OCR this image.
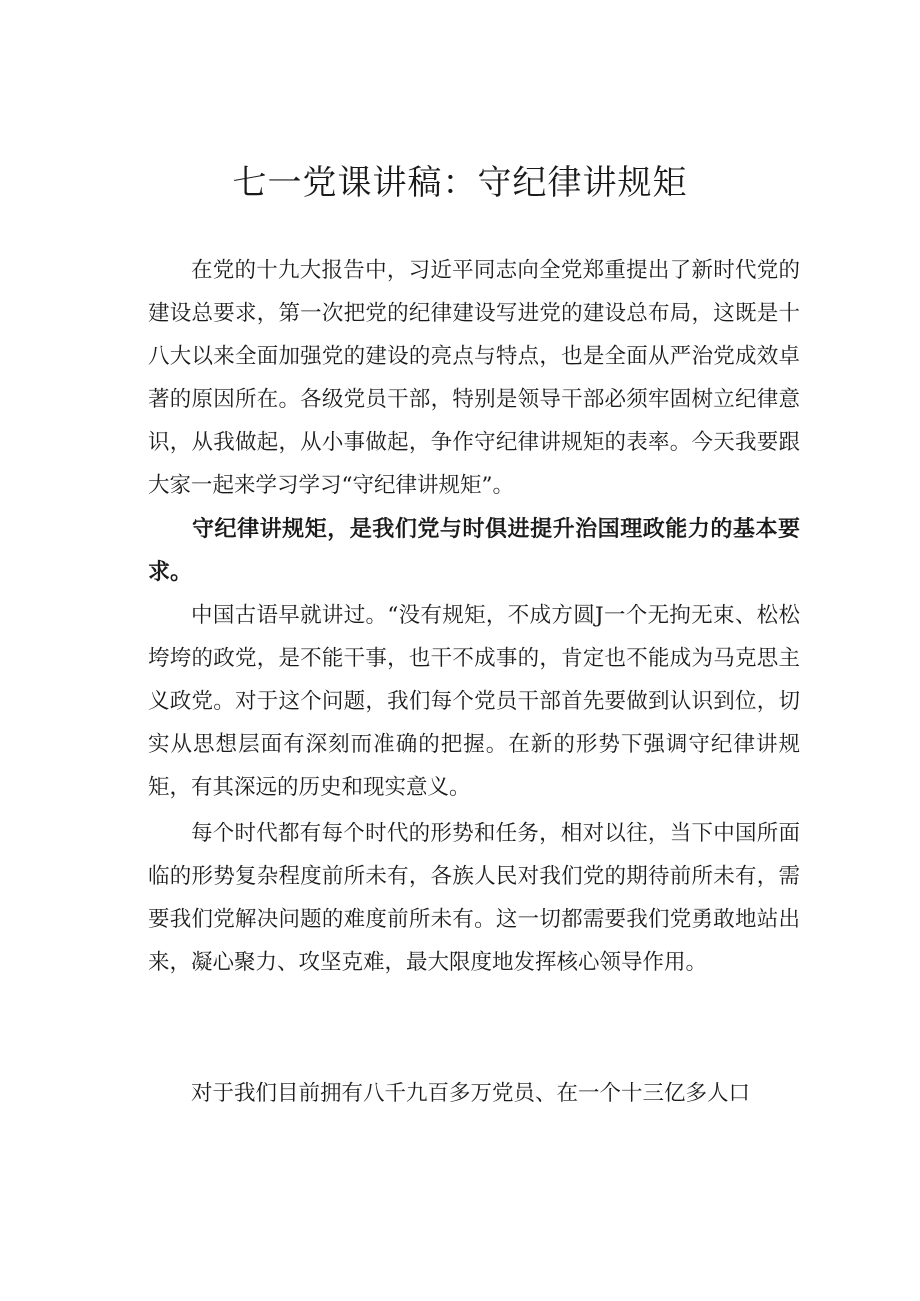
七一党课讲稿：守纪律讲规矩

在党的十九大报告中，习近平同志向全党郑重提出了新时代党的建设总要求，第一次把党的纪律建设写进党的建设总布局，这既是十八大以来全面加强党的建设的亮点与特点，也是全面从严治党成效卓著的原因所在。各级党员干部，特别是领导干部必须牢固树立纪律意识，从我做起，从小事做起，争作守纪律讲规矩的表率。今天我要跟大家一起来学习学习“守纪律讲规矩”。

守纪律讲规矩，是我们党与时俱进提升治国理政能力的基本要求。

中国古语早就讲过。“没有规矩，不成方圆J一个无拘无束、松松垮垮的政党，是不能干事，也干不成事的，肯定也不能成为马克思主义政党。对于这个问题，我们每个党员干部首先要做到认识到位，切实从思想层面有深刻而准确的把握。在新的形势下强调守纪律讲规矩，有其深远的历史和现实意义。

每个时代都有每个时代的形势和任务，相对以往，当下中国所面临的形势复杂程度前所未有，各族人民对我们党的期待前所未有，需要我们党解决问题的难度前所未有。这一切都需要我们党勇敢地站出来，凝心聚力、攻坚克难，最大限度地发挥核心领导作用。

对于我们目前拥有八千九百多万党员、在一个十三亿多人口
